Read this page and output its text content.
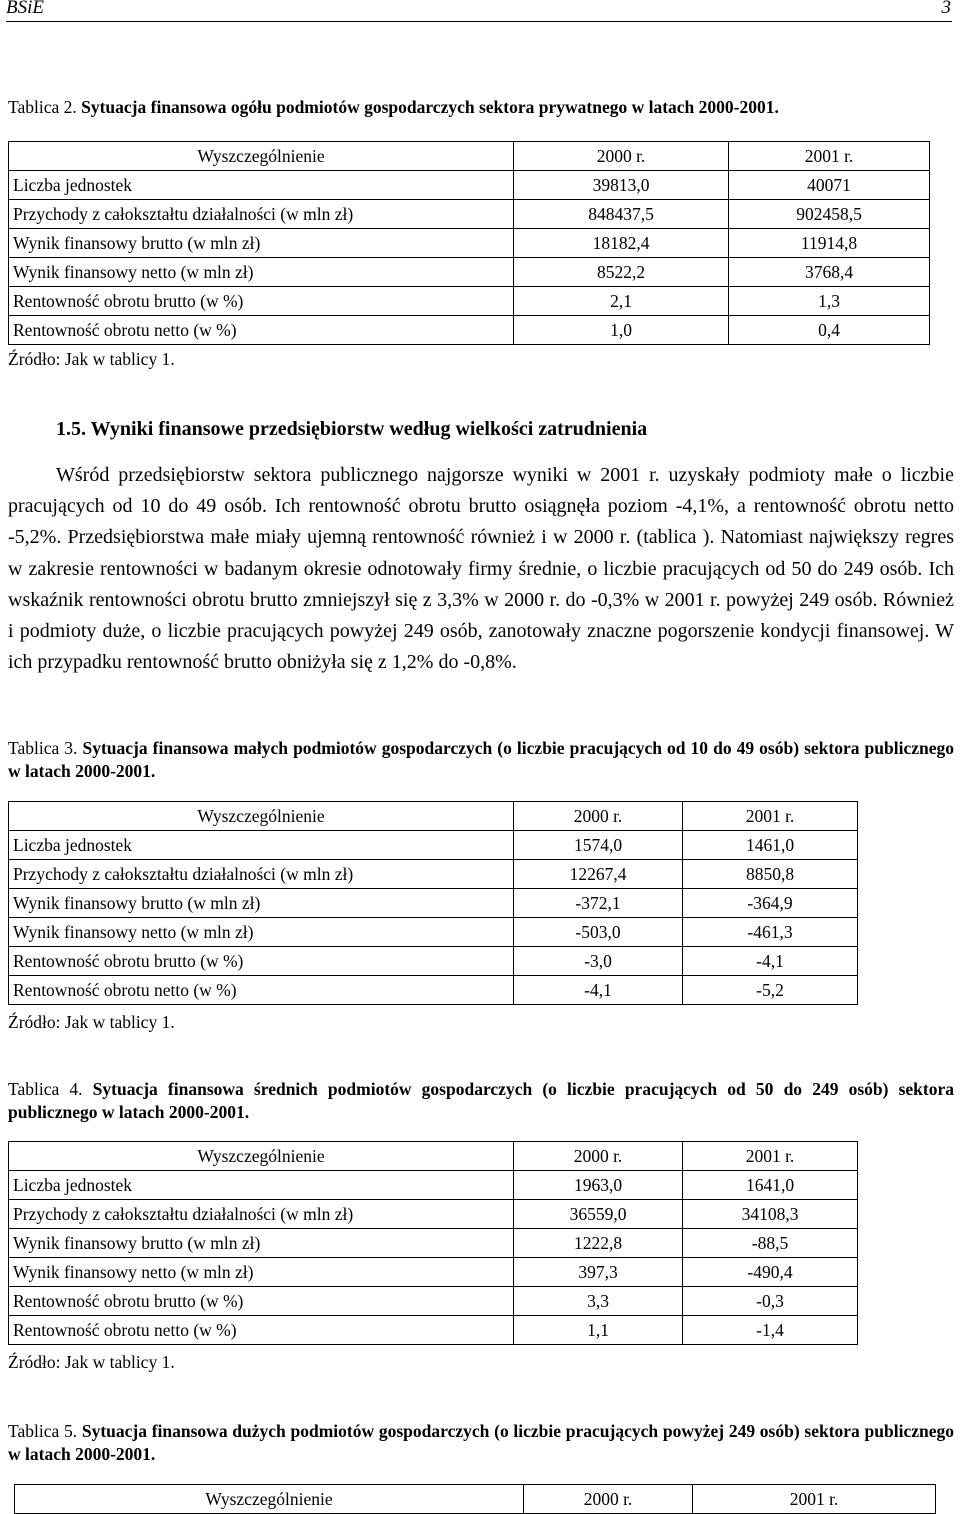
BSiE	3
Tablica 2. Sytuacja finansowa ogółu podmiotów gospodarczych sektora prywatnego w latach 2000-2001.
Wyszczególnienie	2000 r.	2001 r.
Liczba jednostek	39813,0	40071
Przychody z całokształtu działalności (w mln zł)	848437,5	902458,5
Wynik finansowy brutto (w mln zł)	18182,4	11914,8
Wynik finansowy netto (w mln zł)	8522,2	3768,4
Rentowność obrotu brutto (w %)	2,1	1,3
Rentowność obrotu netto (w %)	1,0	0,4
Źródło: Jak w tablicy 1.
1.5. Wyniki finansowe przedsiębiorstw według wielkości zatrudnienia

Wśród przedsiębiorstw sektora publicznego najgorsze wyniki w 2001 r. uzyskały podmioty małe o liczbie pracujących od 10 do 49 osób. Ich rentowność obrotu brutto osiągnęła poziom -4,1%, a rentowność obrotu netto -5,2%. Przedsiębiorstwa małe miały ujemną rentowność również i w 2000 r. (tablica ). Natomiast największy regres w zakresie rentowności w badanym okresie odnotowały firmy średnie, o liczbie pracujących od 50 do 249 osób. Ich wskaźnik rentowności obrotu brutto zmniejszył się z 3,3% w 2000 r. do -0,3% w 2001 r. powyżej 249 osób. Również i podmioty duże, o liczbie pracujących powyżej 249 osób, zanotowały znaczne pogorszenie kondycji finansowej. W ich przypadku rentowność brutto obniżyła się z 1,2% do -0,8%.

Tablica 3. Sytuacja finansowa małych podmiotów gospodarczych (o liczbie pracujących od 10 do 49 osób) sektora publicznego w latach 2000-2001.
Wyszczególnienie	2000 r.	2001 r.
Liczba jednostek	1574,0	1461,0
Przychody z całokształtu działalności (w mln zł)	12267,4	8850,8
Wynik finansowy brutto (w mln zł)	-372,1	-364,9
Wynik finansowy netto (w mln zł)	-503,0	-461,3
Rentowność obrotu brutto (w %)	-3,0	-4,1
Rentowność obrotu netto (w %)	-4,1	-5,2
Źródło: Jak w tablicy 1.
Tablica 4. Sytuacja finansowa średnich podmiotów gospodarczych (o liczbie pracujących od 50 do 249 osób) sektora publicznego w latach 2000-2001.
Wyszczególnienie	2000 r.	2001 r.
Liczba jednostek	1963,0	1641,0
Przychody z całokształtu działalności (w mln zł)	36559,0	34108,3
Wynik finansowy brutto (w mln zł)	1222,8	-88,5
Wynik finansowy netto (w mln zł)	397,3	-490,4
Rentowność obrotu brutto (w %)	3,3	-0,3
Rentowność obrotu netto (w %)	1,1	-1,4
Źródło: Jak w tablicy 1.
Tablica 5. Sytuacja finansowa dużych podmiotów gospodarczych (o liczbie pracujących powyżej 249 osób) sektora publicznego w latach 2000-2001.
Wyszczególnienie	2000 r.	2001 r.
